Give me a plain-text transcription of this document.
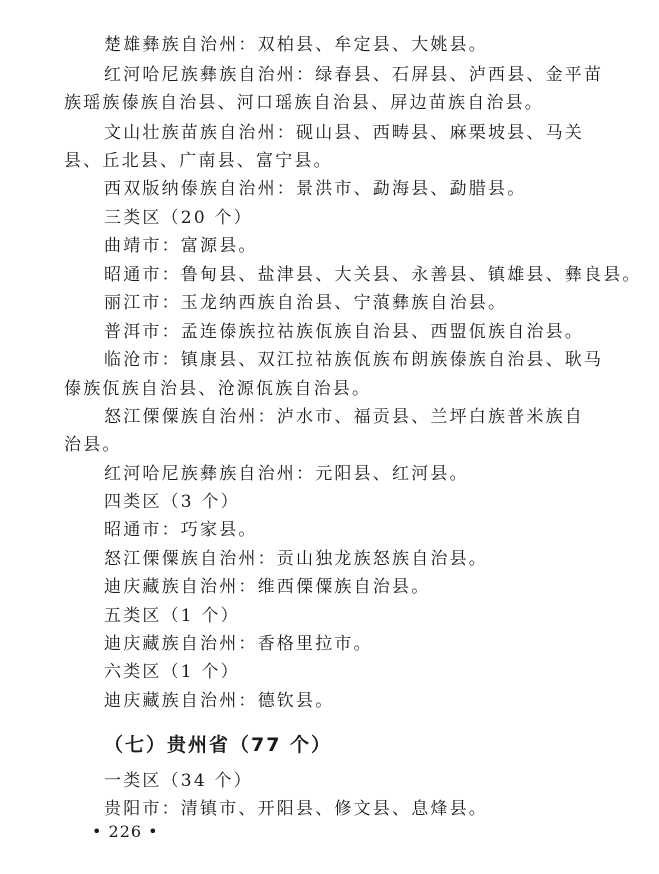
楚雄彝族自治州：双柏县、牟定县、大姚县。
红河哈尼族彝族自治州：绿春县、石屏县、泸西县、金平苗
族瑶族傣族自治县、河口瑶族自治县、屏边苗族自治县。
文山壮族苗族自治州：砚山县、西畴县、麻栗坡县、马关
县、丘北县、广南县、富宁县。
西双版纳傣族自治州：景洪市、勐海县、勐腊县。
三类区（20 个）
曲靖市：富源县。
昭通市：鲁甸县、盐津县、大关县、永善县、镇雄县、彝良县。
丽江市：玉龙纳西族自治县、宁蒗彝族自治县。
普洱市：孟连傣族拉祜族佤族自治县、西盟佤族自治县。
临沧市：镇康县、双江拉祜族佤族布朗族傣族自治县、耿马
傣族佤族自治县、沧源佤族自治县。
怒江傈僳族自治州：泸水市、福贡县、兰坪白族普米族自
治县。
红河哈尼族彝族自治州：元阳县、红河县。
四类区（3 个）
昭通市：巧家县。
怒江傈僳族自治州：贡山独龙族怒族自治县。
迪庆藏族自治州：维西傈僳族自治县。
五类区（1 个）
迪庆藏族自治州：香格里拉市。
六类区（1 个）
迪庆藏族自治州：德钦县。
（七）贵州省（77 个）
一类区（34 个）
贵阳市：清镇市、开阳县、修文县、息烽县。
• 226 •
